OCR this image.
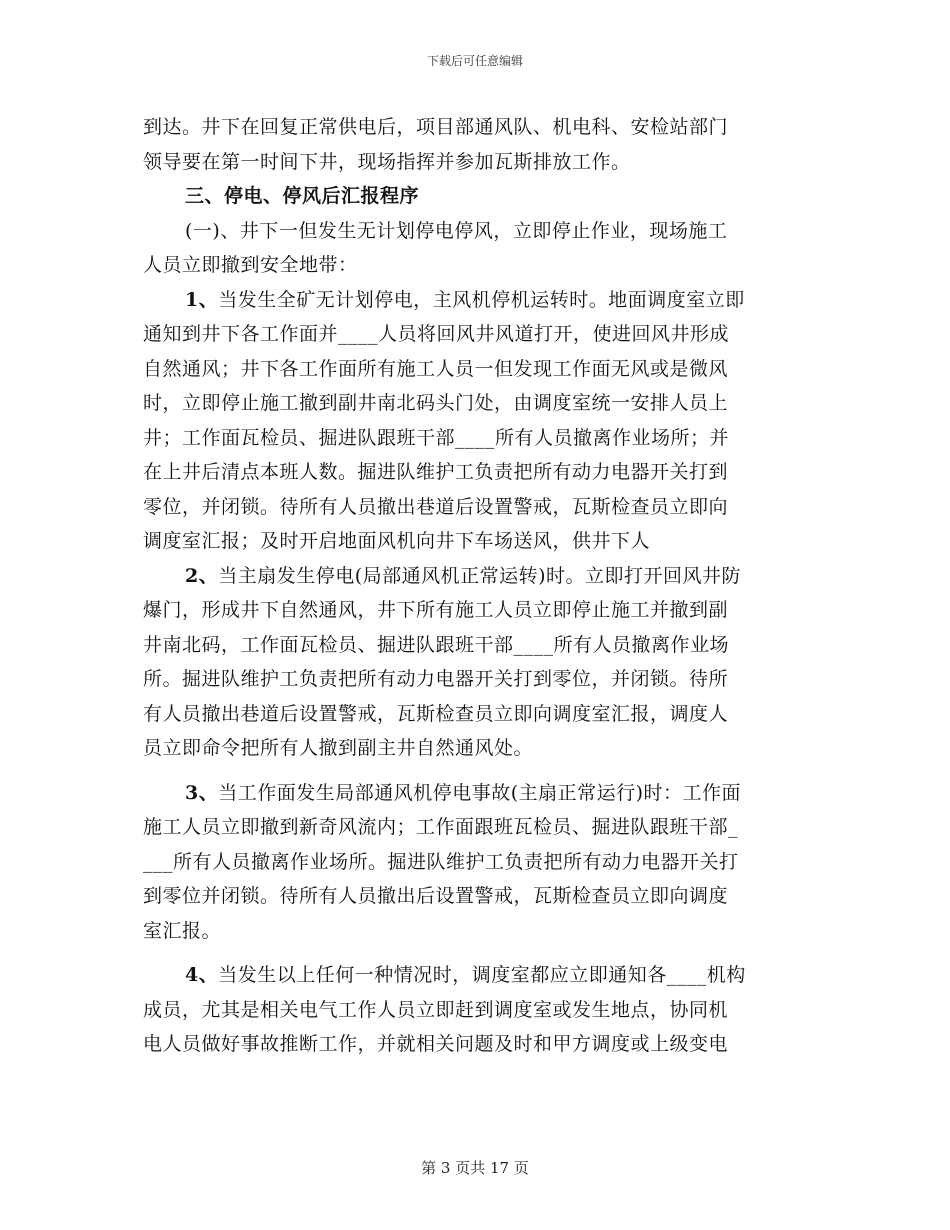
下载后可任意编辑
到达。井下在回复正常供电后，项目部通风队、机电科、安检站部门
领导要在第一时间下井，现场指挥并参加瓦斯排放工作。
三、停电、停风后汇报程序
(一)、井下一但发生无计划停电停风，立即停止作业，现场施工
人员立即撤到安全地带：
1、当发生全矿无计划停电，主风机停机运转时。地面调度室立即
通知到井下各工作面并____人员将回风井风道打开，使进回风井形成
自然通风；井下各工作面所有施工人员一但发现工作面无风或是微风
时，立即停止施工撤到副井南北码头门处，由调度室统一安排人员上
井；工作面瓦检员、掘进队跟班干部____所有人员撤离作业场所；并
在上井后清点本班人数。掘进队维护工负责把所有动力电器开关打到
零位，并闭锁。待所有人员撤出巷道后设置警戒，瓦斯检查员立即向
调度室汇报；及时开启地面风机向井下车场送风，供井下人
2、当主扇发生停电(局部通风机正常运转)时。立即打开回风井防
爆门，形成井下自然通风，井下所有施工人员立即停止施工并撤到副
井南北码，工作面瓦检员、掘进队跟班干部____所有人员撤离作业场
所。掘进队维护工负责把所有动力电器开关打到零位，并闭锁。待所
有人员撤出巷道后设置警戒，瓦斯检查员立即向调度室汇报，调度人
员立即命令把所有人撤到副主井自然通风处。
3、当工作面发生局部通风机停电事故(主扇正常运行)时：工作面
施工人员立即撤到新奇风流内；工作面跟班瓦检员、掘进队跟班干部_
___所有人员撤离作业场所。掘进队维护工负责把所有动力电器开关打
到零位并闭锁。待所有人员撤出后设置警戒，瓦斯检查员立即向调度
室汇报。
4、当发生以上任何一种情况时，调度室都应立即通知各____机构
成员，尤其是相关电气工作人员立即赶到调度室或发生地点，协同机
电人员做好事故推断工作，并就相关问题及时和甲方调度或上级变电
第 3 页共 17 页
